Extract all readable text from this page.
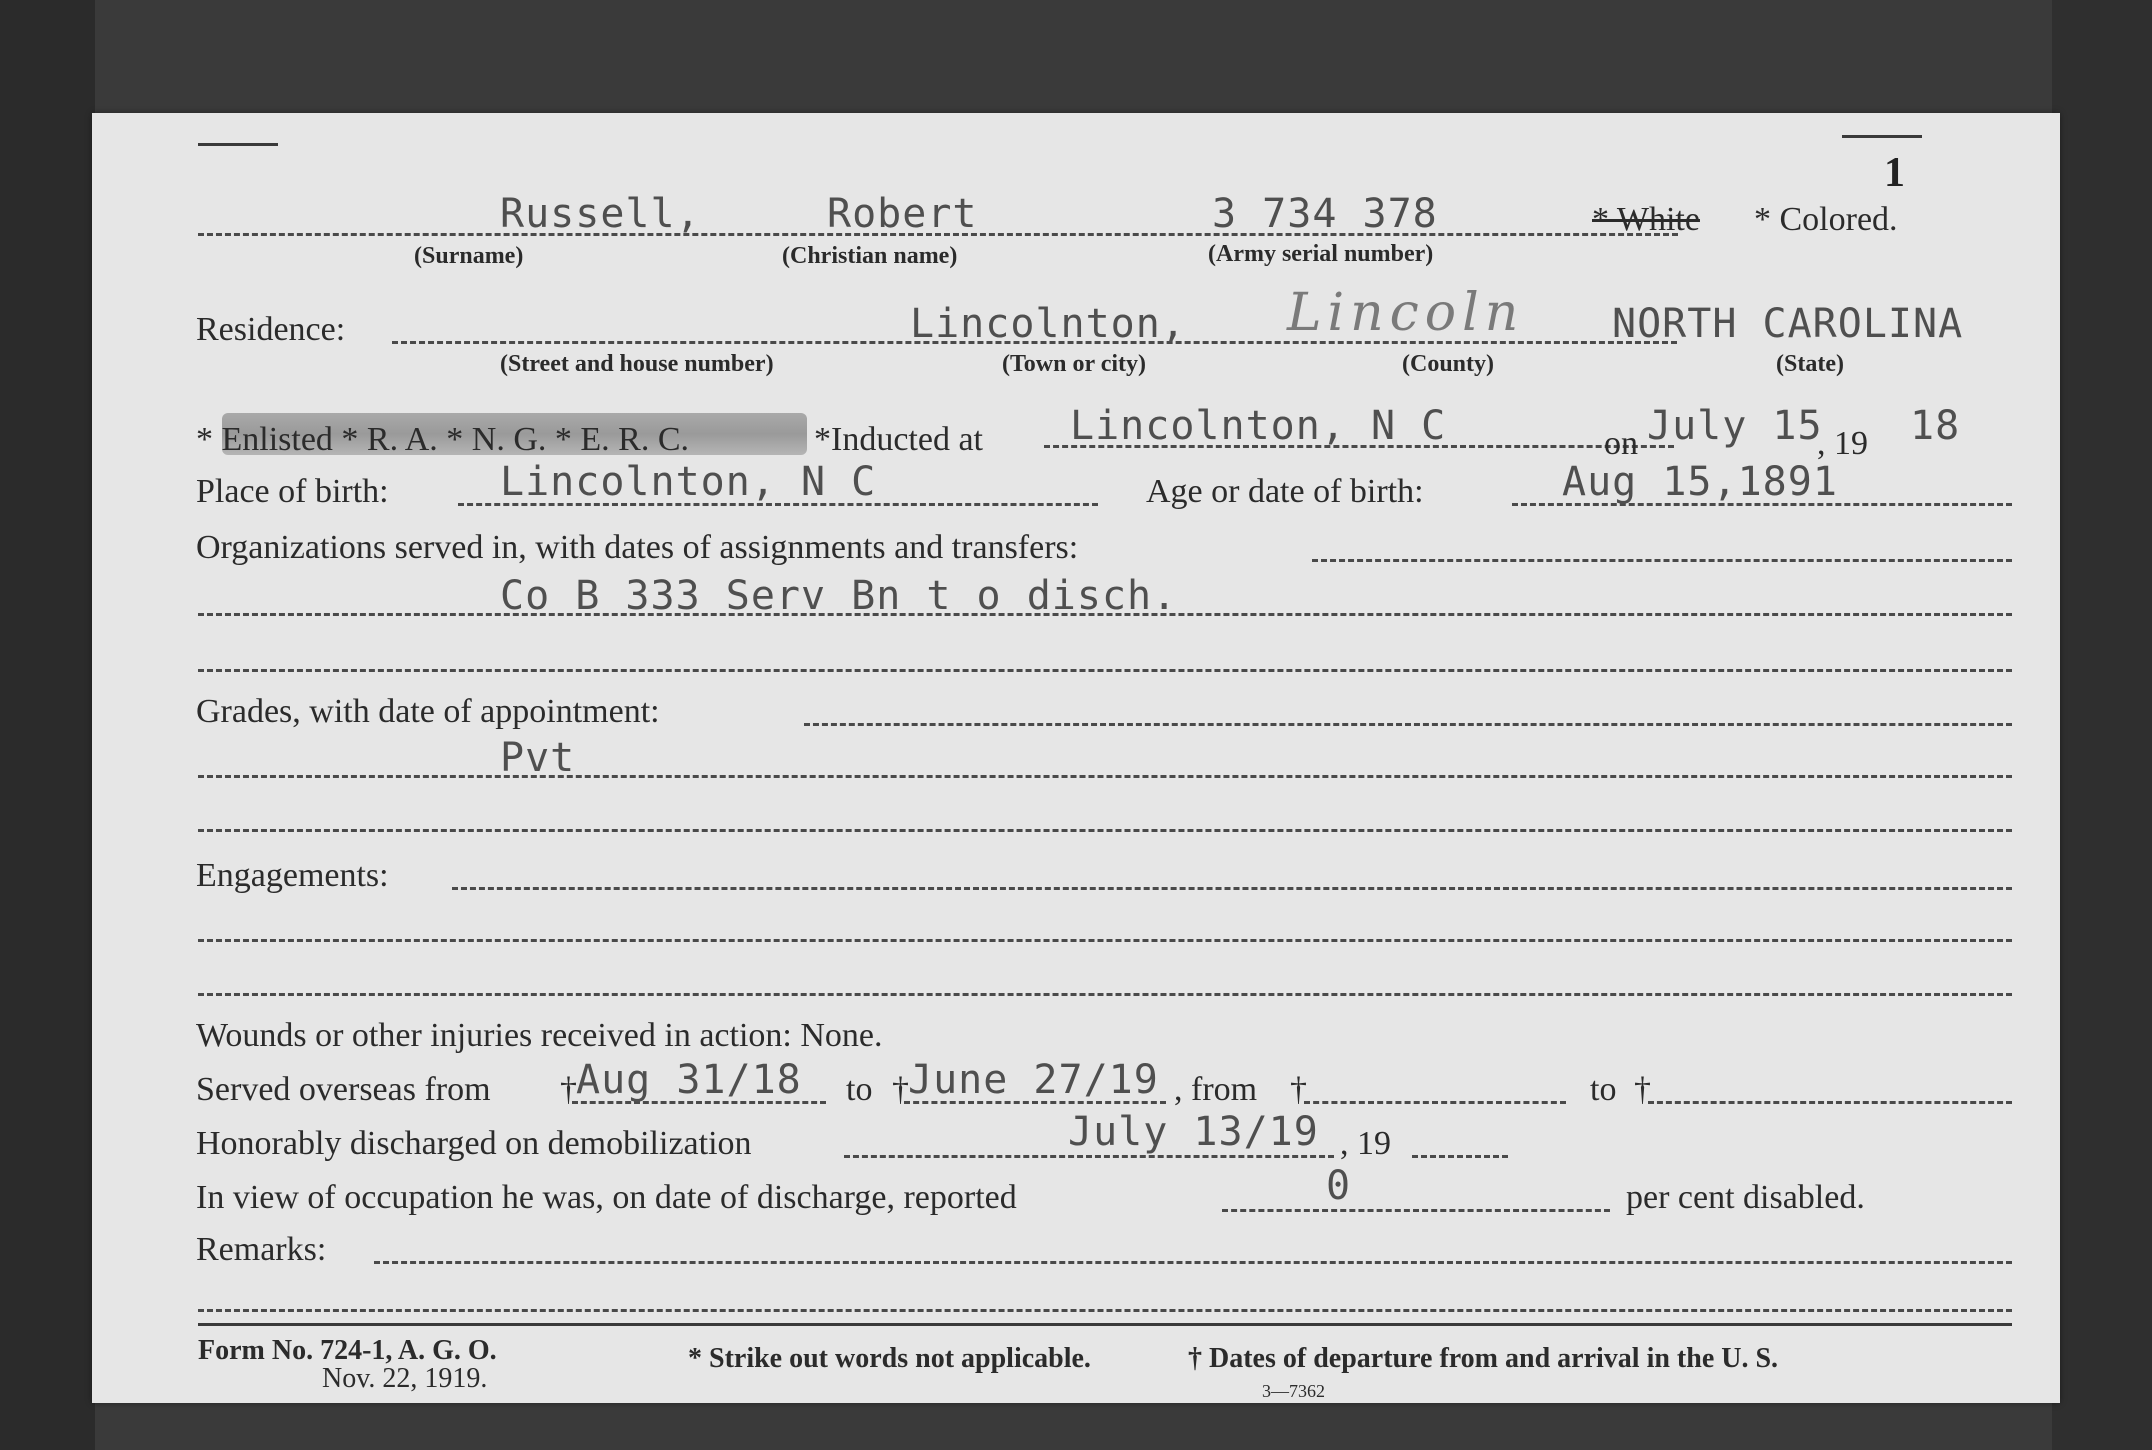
1
Russell,	Robert	3 734 378	* White * Colored.
(Surname)	(Christian name)	(Army serial number)
Residence:	Lincolnton, Lincoln NORTH CAROLINA
(Street and house number)	(Town or city)	(County)	(State)
* Enlisted * R. A. * N. G. * E. R. C.	*Inducted at Lincolnton, N C	on July 15
, 19 18
Place of birth:	Lincolnton, N C	Age or date of birth:	Aug 15,1891
Organizations served in, with dates of assignments and transfers:
Co B 333 Serv Bn t o disch.
Grades, with date of appointment:
Pvt
Engagements:
Wounds or other injuries received in action: None.
Served overseas from † Aug 31/18 to † June 27/19 , from †	to †
Honorably discharged on demobilization	July 13/19 , 19
In view of occupation he was, on date of discharge, reported	0	per cent disabled.
Remarks:
Form No. 724-1, A. G. O.
Nov. 22, 1919.
* Strike out words not applicable.	† Dates of departure from and arrival in the U. S.
3—7362
